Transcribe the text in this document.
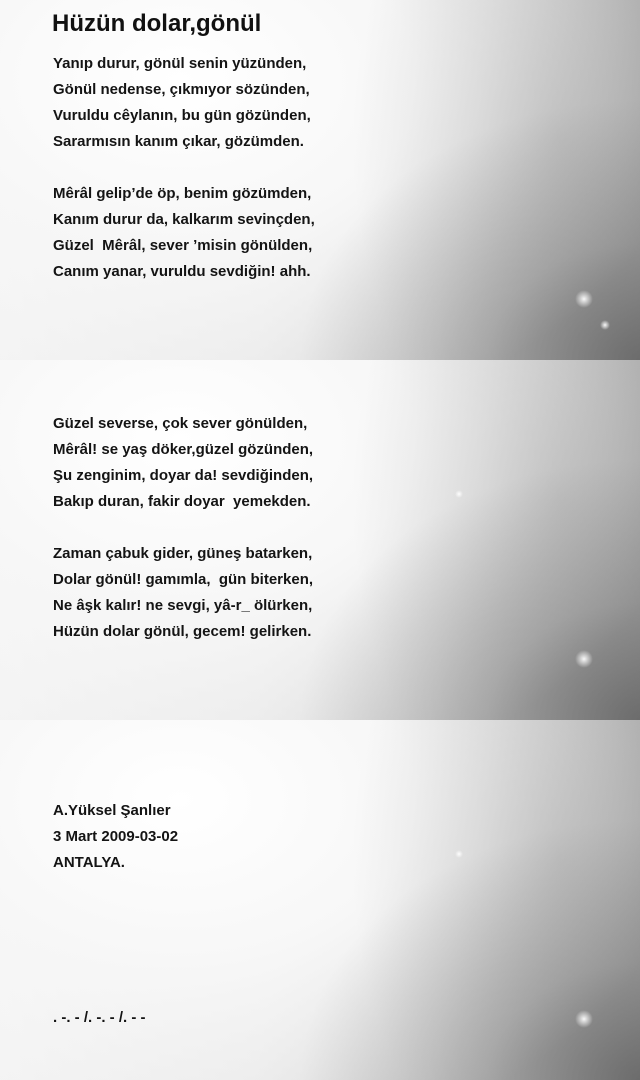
Hüzün dolar,gönül
Yanıp durur, gönül senin yüzünden,
Gönül nedense, çıkmıyor sözünden,
Vuruldu cêylanın, bu gün gözünden,
Sararmısın kanım çıkar, gözümden.
Mêrâl gelip’de öp, benim gözümden,
Kanım durur da, kalkarım sevinçden,
Güzel  Mêrâl, sever ’misin gönülden,
Canım yanar, vuruldu sevdiğin! ahh.
Güzel severse, çok sever gönülden,
Mêrâl! se yaş döker,güzel gözünden,
Şu zenginim, doyar da! sevdiğinden,
Bakıp duran, fakir doyar  yemekden.
Zaman çabuk gider, güneş batarken,
Dolar gönül! gamımla,  gün biterken,
Ne âşk kalır! ne sevgi, yâ-r_ ölürken,
Hüzün dolar gönül, gecem! gelirken.
A.Yüksel Şanlıer
3 Mart 2009-03-02
ANTALYA.
. -. - /. -. - /. - -
